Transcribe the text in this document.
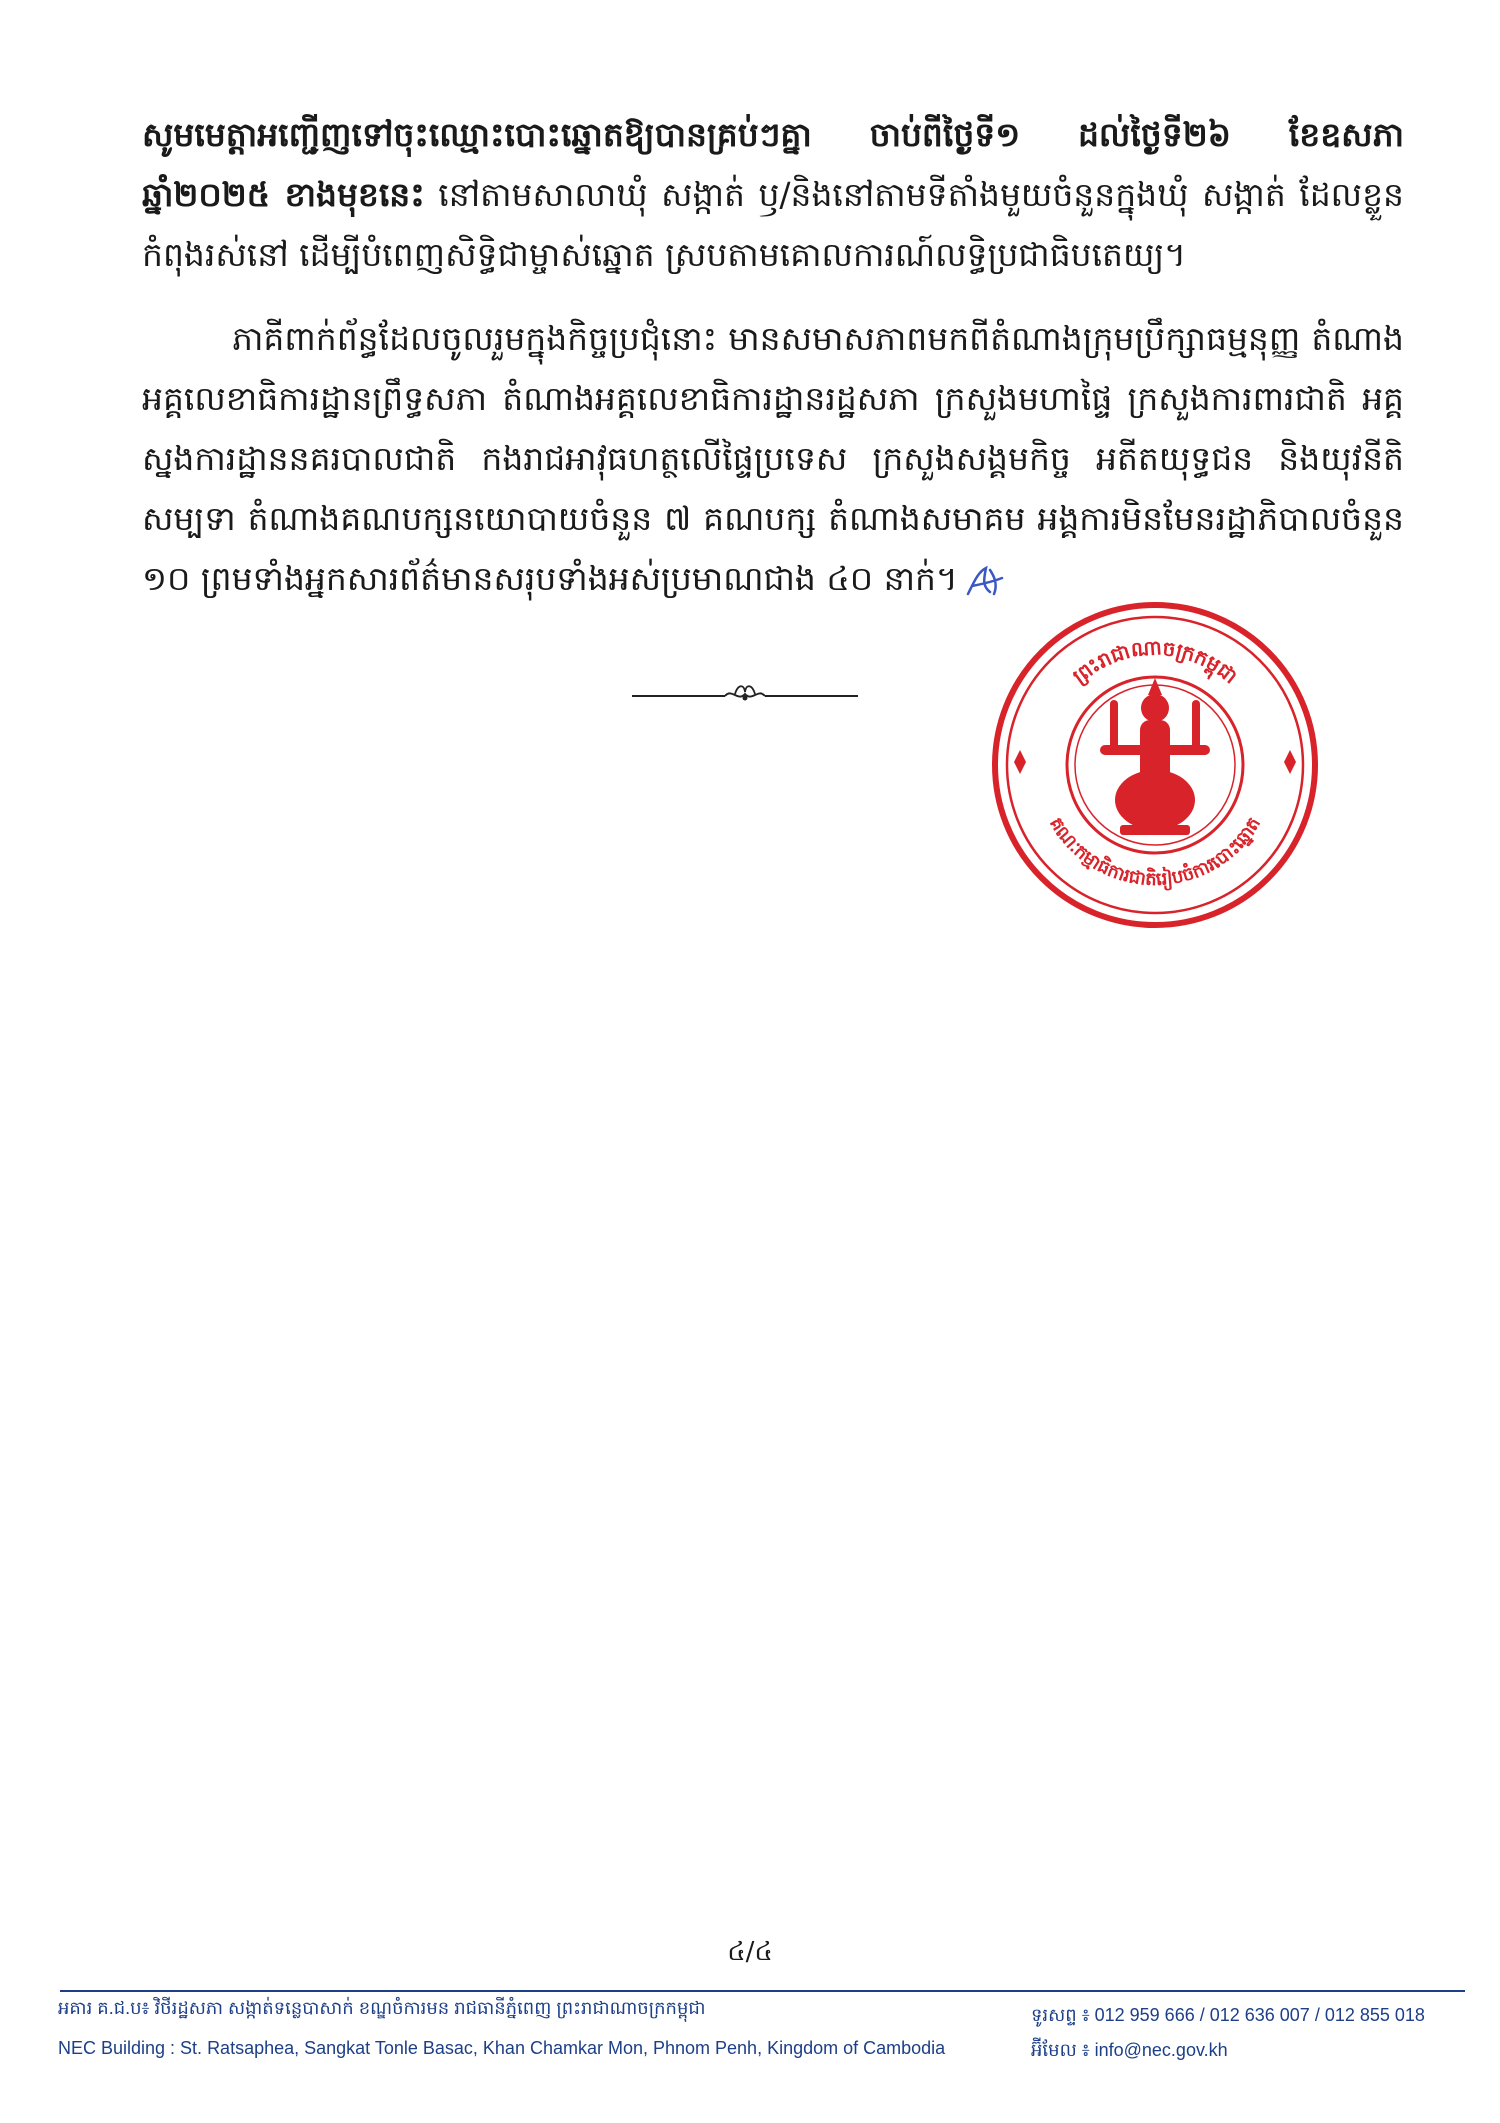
សូមមេត្តាអញ្ជើញទៅចុះឈ្មោះបោះឆ្នោតឱ្យបានគ្រប់ៗគ្នា ចាប់ពីថ្ងៃទី១ ដល់ថ្ងៃទី២៦ ខែឧសភា ឆ្នាំ២០២៥ ខាងមុខនេះ នៅតាមសាលាឃុំ សង្កាត់ ឫ/និងនៅតាមទីតាំងមួយចំនួនក្នុងឃុំ សង្កាត់ ដែលខ្លួនកំពុងរស់នៅ ដើម្បីបំពេញសិទ្ធិជាម្ចាស់ឆ្នោត ស្របតាមគោលការណ៍លទ្ធិប្រជាធិបតេយ្យ។

ភាគីពាក់ព័ន្ធដែលចូលរួមក្នុងកិច្ចប្រជុំនោះ មានសមាសភាពមកពីតំណាងក្រុមប្រឹក្សាធម្មនុញ្ញ តំណាងអគ្គលេខាធិការដ្ឋានព្រឹទ្ធសភា តំណាងអគ្គលេខាធិការដ្ឋានរដ្ឋសភា ក្រសួងមហាផ្ទៃ ក្រសួងការពារជាតិ អគ្គស្នងការដ្ឋាននគរបាលជាតិ កងរាជអាវុធហត្ថលើផ្ទៃប្រទេស ក្រសួងសង្គមកិច្ច អតីតយុទ្ធជន និងយុវនីតិសម្បទា តំណាងគណបក្សនយោបាយចំនួន ៧ គណបក្ស តំណាងសមាគម អង្គការមិនមែនរដ្ឋាភិបាលចំនួន ១០ ព្រមទាំងអ្នកសារព័ត៌មានសរុបទាំងអស់ប្រមាណជាង ៤០ នាក់។

ព្រះរាជាណាចក្រកម្ពុជា
គណៈកម្មាធិការជាតិរៀបចំការបោះឆ្នោត
៤/៤
អគារ គ.ជ.ប៖ វិថីរដ្ឋសភា សង្កាត់ទន្លេបាសាក់ ខណ្ឌចំការមន រាជធានីភ្នំពេញ ព្រះរាជាណាចក្រកម្ពុជា
NEC Building : St. Ratsaphea, Sangkat Tonle Basac, Khan Chamkar Mon, Phnom Penh, Kingdom of Cambodia
ទូរសព្ទ ៖ 012 959 666 / 012 636 007 / 012 855 018
អ៊ីមែល ៖ info@nec.gov.kh
